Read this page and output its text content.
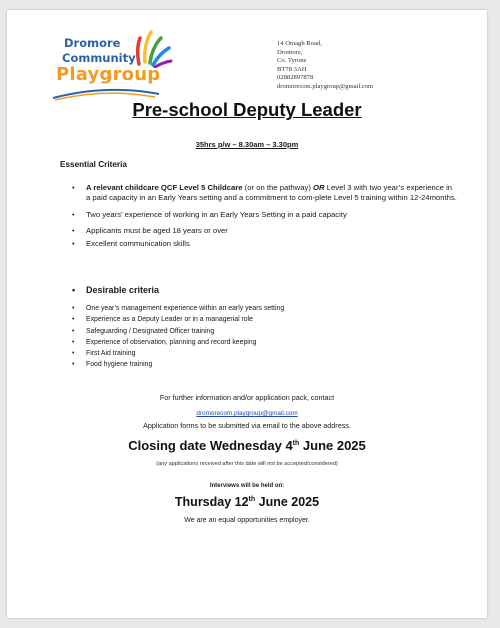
Dromore
Community
Playgroup
14 Omagh Road,
Dromore,
Co. Tyrone
BT78 3AH
02882897878
dromorecom.playgroup@gmail.com
Pre-school Deputy Leader
35hrs p/w – 8.30am – 3.30pm
Essential Criteria
• A relevant childcare QCF Level 5 Childcare (or on the pathway) OR Level 3 with two year’s experience in a paid capacity in an Early Years setting and a commitment to com-plete Level 5 training within 12-24months.
• Two years’ experience of working in an Early Years Setting in a paid capacity
• Applicants must be aged 18 years or over
• Excellent communication skills
• Desirable criteria
• One year’s management experience within an early years setting
• Experience as a Deputy Leader or in a managerial role
• Safeguarding / Designated Officer training
• Experience of observation, planning and record keeping
• First Aid training
• Food hygiene training
For further information and/or application pack, contact
dromorecom.playgroup@gmail.com
Application forms to be submitted via email to the above address.
Closing date Wednesday 4th June 2025
(any applications received after this date will not be accepted/considered)
Interviews will be held on:
Thursday 12th June 2025
We are an equal opportunities employer.
